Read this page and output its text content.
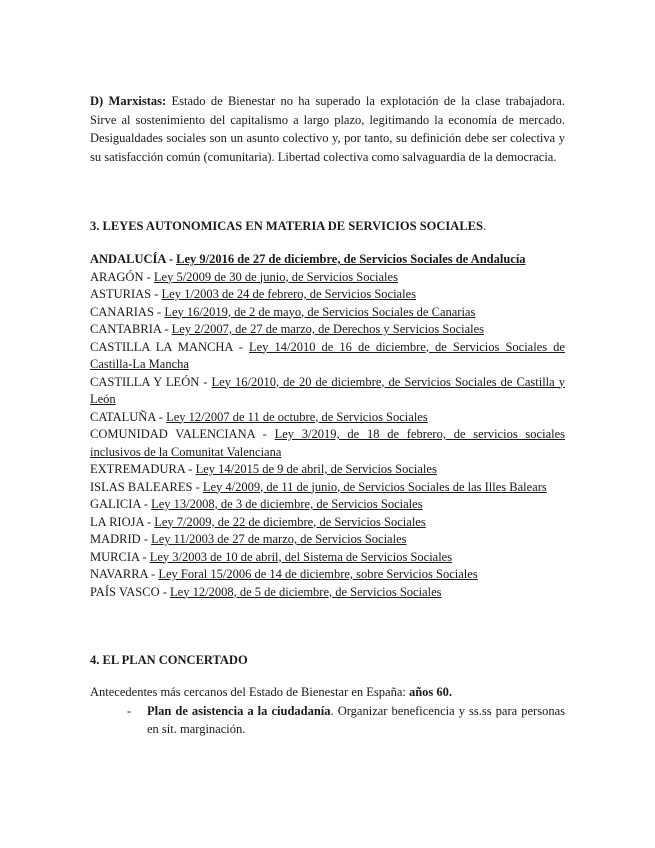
D) Marxistas: Estado de Bienestar no ha superado la explotación de la clase trabajadora. Sirve al sostenimiento del capitalismo a largo plazo, legitimando la economía de mercado. Desigualdades sociales son un asunto colectivo y, por tanto, su definición debe ser colectiva y su satisfacción común (comunitaria). Libertad colectiva como salvaguardia de la democracia.

3. LEYES AUTONOMICAS EN MATERIA DE SERVICIOS SOCIALES.

ANDALUCÍA - Ley 9/2016 de 27 de diciembre, de Servicios Sociales de Andalucía

ARAGÓN - Ley 5/2009 de 30 de junio, de Servicios Sociales

ASTURIAS - Ley 1/2003 de 24 de febrero, de Servicios Sociales

CANARIAS - Ley 16/2019, de 2 de mayo, de Servicios Sociales de Canarias

CANTABRIA - Ley 2/2007, de 27 de marzo, de Derechos y Servicios Sociales

CASTILLA LA MANCHA - Ley 14/2010 de 16 de diciembre, de Servicios Sociales de Castilla-La Mancha

CASTILLA Y LEÓN - Ley 16/2010, de 20 de diciembre, de Servicios Sociales de Castilla y León

CATALUÑA - Ley 12/2007 de 11 de octubre, de Servicios Sociales

COMUNIDAD VALENCIANA - Ley 3/2019, de 18 de febrero, de servicios sociales inclusivos de la Comunitat Valenciana

EXTREMADURA - Ley 14/2015 de 9 de abril, de Servicios Sociales

ISLAS BALEARES - Ley 4/2009, de 11 de junio, de Servicios Sociales de las Illes Balears

GALICIA - Ley 13/2008, de 3 de diciembre, de Servicios Sociales

LA RIOJA - Ley 7/2009, de 22 de diciembre, de Servicios Sociales

MADRID - Ley 11/2003 de 27 de marzo, de Servicios Sociales

MURCIA - Ley 3/2003 de 10 de abril, del Sistema de Servicios Sociales

NAVARRA - Ley Foral 15/2006 de 14 de diciembre, sobre Servicios Sociales

PAÍS VASCO - Ley 12/2008, de 5 de diciembre, de Servicios Sociales

4. EL PLAN CONCERTADO

Antecedentes más cercanos del Estado de Bienestar en España: años 60.

-	Plan de asistencia a la ciudadanía. Organizar beneficencia y ss.ss para personas en sit. marginación.
